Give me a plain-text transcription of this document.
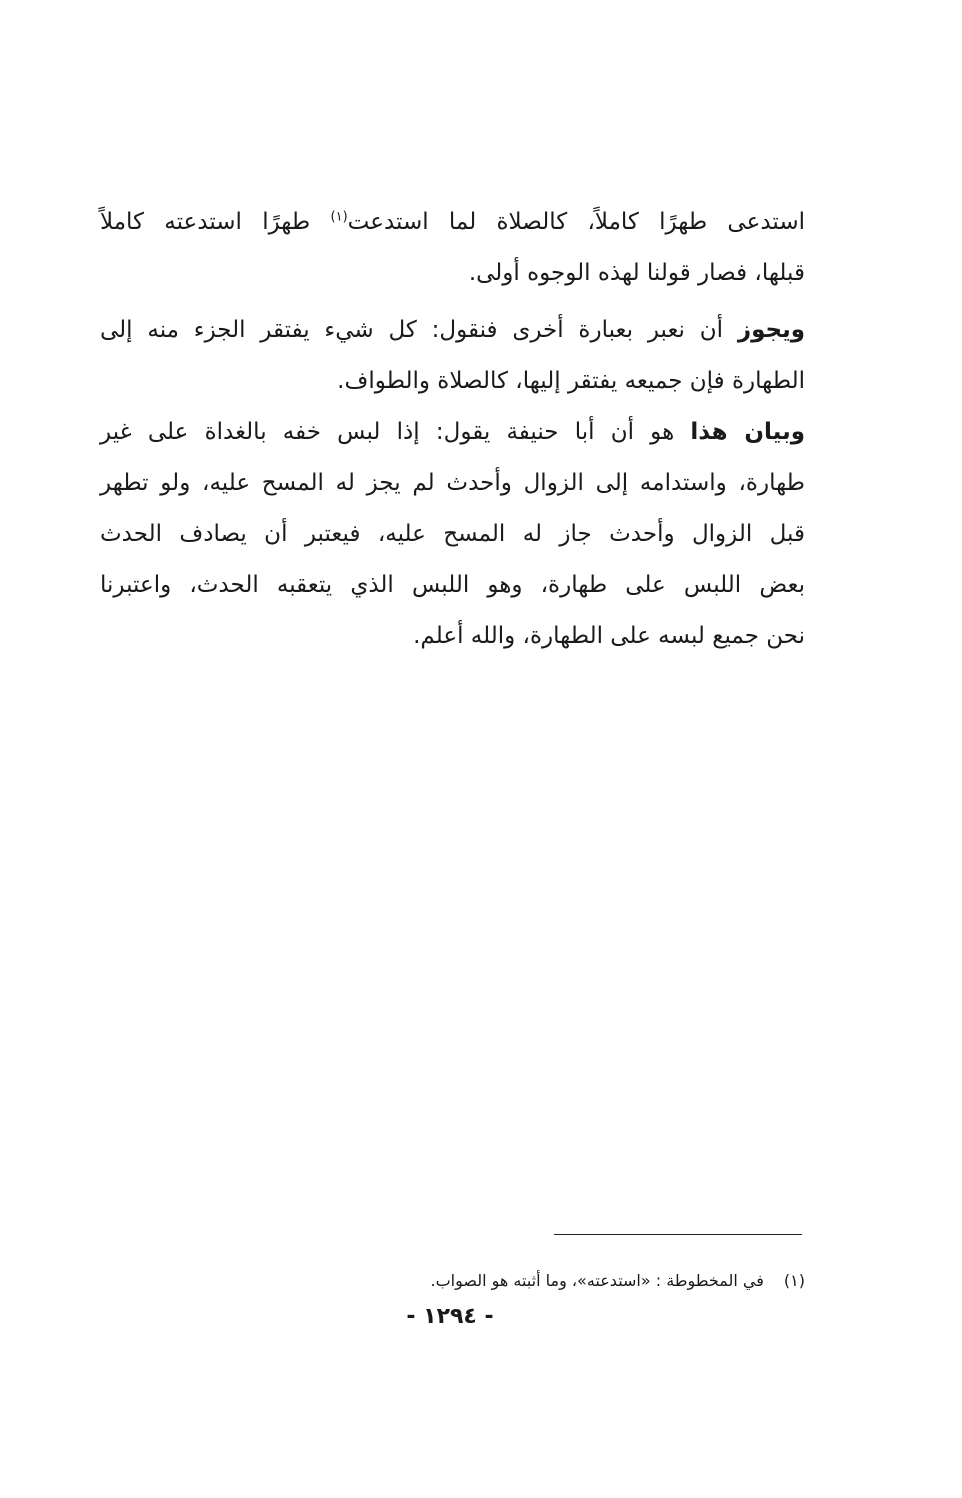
استدعى طهرًا كاملاً، كالصلاة لما استدعت$^{(١)}$ طهرًا استدعته كاملاً
قبلها، فصار قولنا لهذه الوجوه أولى.
ويجوز أن نعبر بعبارة أخرى فنقول: كل شيء يفتقر الجزء منه إلى
الطهارة فإن جميعه يفتقر إليها، كالصلاة والطواف.
وبيان هذا هو أن أبا حنيفة يقول: إذا لبس خفه بالغداة على غير
طهارة، واستدامه إلى الزوال وأحدث لم يجز له المسح عليه، ولو تطهر
قبل الزوال وأحدث جاز له المسح عليه، فيعتبر أن يصادف الحدث
بعض اللبس على طهارة، وهو اللبس الذي يتعقبه الحدث، واعتبرنا
نحن جميع لبسه على الطهارة، والله أعلم.
(١)في المخطوطة : «استدعته»، وما أثبته هو الصواب.
- ١٢٩٤ -
